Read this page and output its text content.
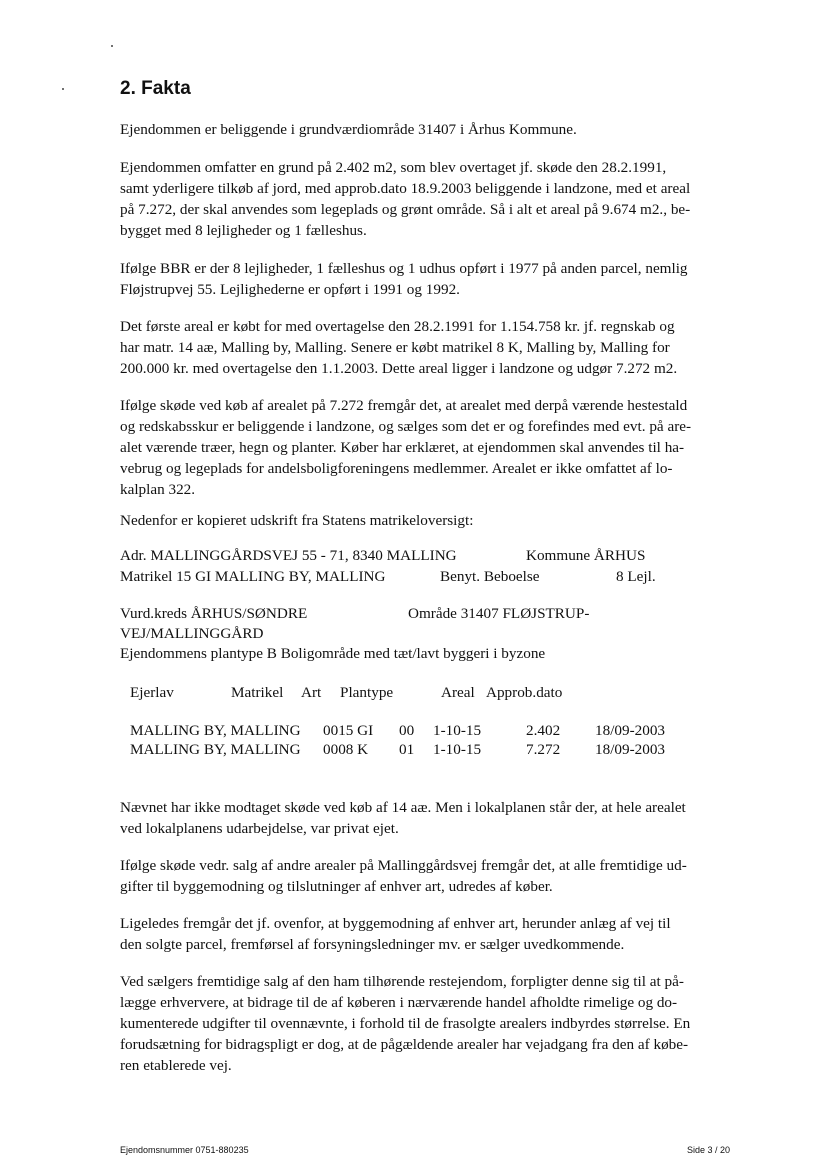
2. Fakta
Ejendommen er beliggende i grundværdiområde 31407 i Århus Kommune.
Ejendommen omfatter en grund på 2.402 m2, som blev overtaget jf. skøde den 28.2.1991,
samt yderligere tilkøb af jord, med approb.dato 18.9.2003 beliggende i landzone, med et areal
på 7.272, der skal anvendes som legeplads og grønt område. Så i alt et areal på 9.674 m2., be-
bygget med 8 lejligheder og 1 fælleshus.
Ifølge BBR er der 8 lejligheder, 1 fælleshus og 1 udhus opført i 1977 på anden parcel, nemlig
Fløjstrupvej 55. Lejlighederne er opført i 1991 og 1992.
Det første areal er købt for med overtagelse den 28.2.1991 for 1.154.758 kr. jf. regnskab og
har matr. 14 aæ, Malling by, Malling. Senere er købt matrikel 8 K, Malling by, Malling for
200.000 kr. med overtagelse den 1.1.2003. Dette areal ligger i landzone og udgør 7.272 m2.
Ifølge skøde ved køb af arealet på 7.272 fremgår det, at arealet med derpå værende hestestald
og redskabsskur er beliggende i landzone, og sælges som det er og forefindes med evt. på are-
alet værende træer, hegn og planter. Køber har erklæret, at ejendommen skal anvendes til ha-
vebrug og legeplads for andelsboligforeningens medlemmer. Arealet er ikke omfattet af lo-
kalplan 322.
Nedenfor er kopieret udskrift fra Statens matrikeloversigt:
Adr. MALLINGGÅRDSVEJ 55 - 71, 8340 MALLING	Kommune ÅRHUS
Matrikel 15 GI MALLING BY, MALLING	Benyt. Beboelse	8 Lejl.
Vurd.kreds ÅRHUS/SØNDRE	Område 31407 FLØJSTRUP-
VEJ/MALLINGGÅRD
Ejendommens plantype B Boligområde med tæt/lavt byggeri i byzone
Ejerlav	Matrikel Art Plantype	Areal Approb.dato
MALLING BY, MALLING 0015 GI 00 1-10-15	2.402 18/09-2003
MALLING BY, MALLING 0008 K 01 1-10-15	7.272 18/09-2003
Nævnet har ikke modtaget skøde ved køb af 14 aæ. Men i lokalplanen står der, at hele arealet
ved lokalplanens udarbejdelse, var privat ejet.
Ifølge skøde vedr. salg af andre arealer på Mallinggårdsvej fremgår det, at alle fremtidige ud-
gifter til byggemodning og tilslutninger af enhver art, udredes af køber.
Ligeledes fremgår det jf. ovenfor, at byggemodning af enhver art, herunder anlæg af vej til
den solgte parcel, fremførsel af forsyningsledninger mv. er sælger uvedkommende.
Ved sælgers fremtidige salg af den ham tilhørende restejendom, forpligter denne sig til at på-
lægge erhververe, at bidrage til de af køberen i nærværende handel afholdte rimelige og do-
kumenterede udgifter til ovennævnte, i forhold til de frasolgte arealers indbyrdes størrelse. En
forudsætning for bidragspligt er dog, at de pågældende arealer har vejadgang fra den af købe-
ren etablerede vej.
Ejendomsnummer 0751-880235	Side 3 / 20
